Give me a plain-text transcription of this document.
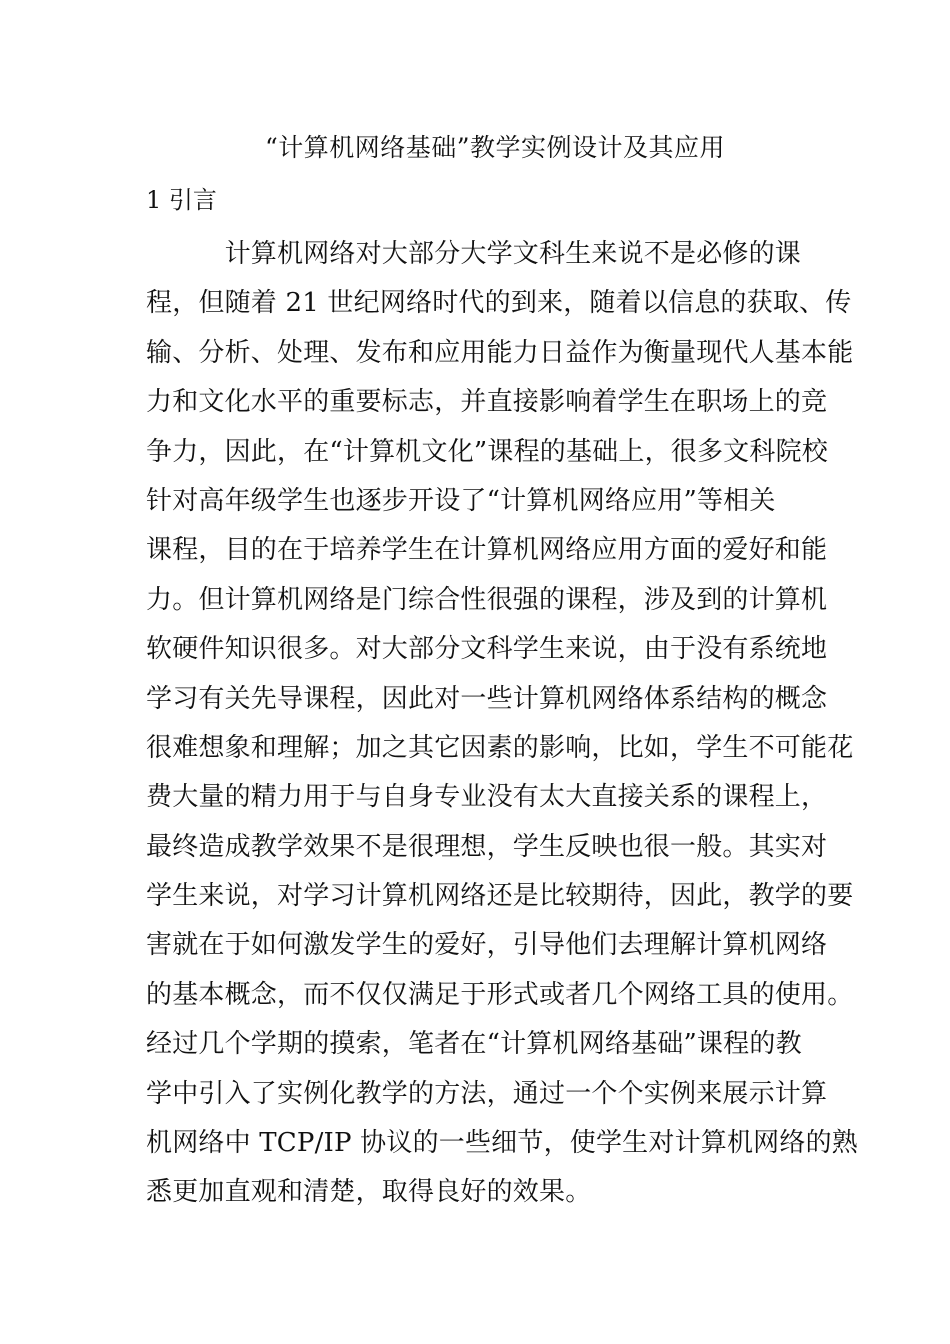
“计算机网络基础”教学实例设计及其应用
1 引言
　　　计算机网络对大部分大学文科生来说不是必修的课
程，但随着 21 世纪网络时代的到来，随着以信息的获取、传
输、分析、处理、发布和应用能力日益作为衡量现代人基本能
力和文化水平的重要标志，并直接影响着学生在职场上的竞
争力，因此，在“计算机文化”课程的基础上，很多文科院校
针对高年级学生也逐步开设了“计算机网络应用”等相关
课程，目的在于培养学生在计算机网络应用方面的爱好和能
力。但计算机网络是门综合性很强的课程，涉及到的计算机
软硬件知识很多。对大部分文科学生来说，由于没有系统地
学习有关先导课程，因此对一些计算机网络体系结构的概念
很难想象和理解；加之其它因素的影响，比如，学生不可能花
费大量的精力用于与自身专业没有太大直接关系的课程上，
最终造成教学效果不是很理想，学生反映也很一般。其实对
学生来说，对学习计算机网络还是比较期待，因此，教学的要
害就在于如何激发学生的爱好，引导他们去理解计算机网络
的基本概念，而不仅仅满足于形式或者几个网络工具的使用。
经过几个学期的摸索，笔者在“计算机网络基础”课程的教
学中引入了实例化教学的方法，通过一个个实例来展示计算
机网络中 TCP/IP 协议的一些细节，使学生对计算机网络的熟
悉更加直观和清楚，取得良好的效果。
